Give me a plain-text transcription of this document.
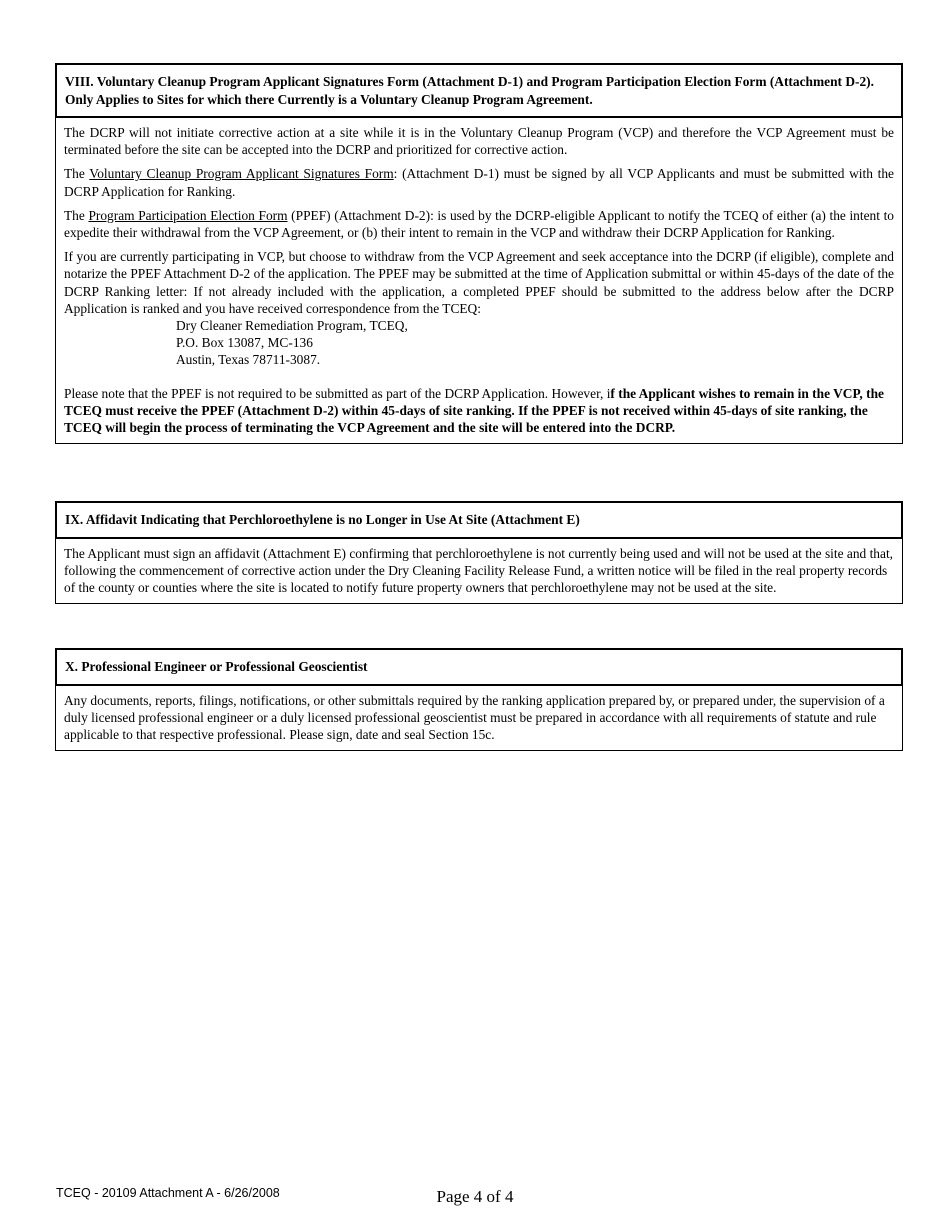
VIII. Voluntary Cleanup Program Applicant Signatures Form (Attachment D-1) and Program Participation Election Form (Attachment D-2). Only Applies to Sites for which there Currently is a Voluntary Cleanup Program Agreement.

The DCRP will not initiate corrective action at a site while it is in the Voluntary Cleanup Program (VCP) and therefore the VCP Agreement must be terminated before the site can be accepted into the DCRP and prioritized for corrective action.

The Voluntary Cleanup Program Applicant Signatures Form: (Attachment D-1) must be signed by all VCP Applicants and must be submitted with the DCRP Application for Ranking.

The Program Participation Election Form (PPEF) (Attachment D-2): is used by the DCRP-eligible Applicant to notify the TCEQ of either (a) the intent to expedite their withdrawal from the VCP Agreement, or (b) their intent to remain in the VCP and withdraw their DCRP Application for Ranking.

If you are currently participating in VCP, but choose to withdraw from the VCP Agreement and seek acceptance into the DCRP (if eligible), complete and notarize the PPEF Attachment D-2 of the application. The PPEF may be submitted at the time of Application submittal or within 45-days of the date of the DCRP Ranking letter: If not already included with the application, a completed PPEF should be submitted to the address below after the DCRP Application is ranked and you have received correspondence from the TCEQ:

Dry Cleaner Remediation Program, TCEQ,
P.O. Box 13087, MC-136
Austin, Texas 78711-3087.

Please note that the PPEF is not required to be submitted as part of the DCRP Application. However, if the Applicant wishes to remain in the VCP, the TCEQ must receive the PPEF (Attachment D-2) within 45-days of site ranking. If the PPEF is not received within 45-days of site ranking, the TCEQ will begin the process of terminating the VCP Agreement and the site will be entered into the DCRP.

IX. Affidavit Indicating that Perchloroethylene is no Longer in Use At Site (Attachment E)

The Applicant must sign an affidavit (Attachment E) confirming that perchloroethylene is not currently being used and will not be used at the site and that, following the commencement of corrective action under the Dry Cleaning Facility Release Fund, a written notice will be filed in the real property records of the county or counties where the site is located to notify future property owners that perchloroethylene may not be used at the site.

X. Professional Engineer or Professional Geoscientist

Any documents, reports, filings, notifications, or other submittals required by the ranking application prepared by, or prepared under, the supervision of a duly licensed professional engineer or a duly licensed professional geoscientist must be prepared in accordance with all requirements of statute and rule applicable to that respective professional. Please sign, date and seal Section 15c.

TCEQ - 20109 Attachment A - 6/26/2008	Page 4 of 4
